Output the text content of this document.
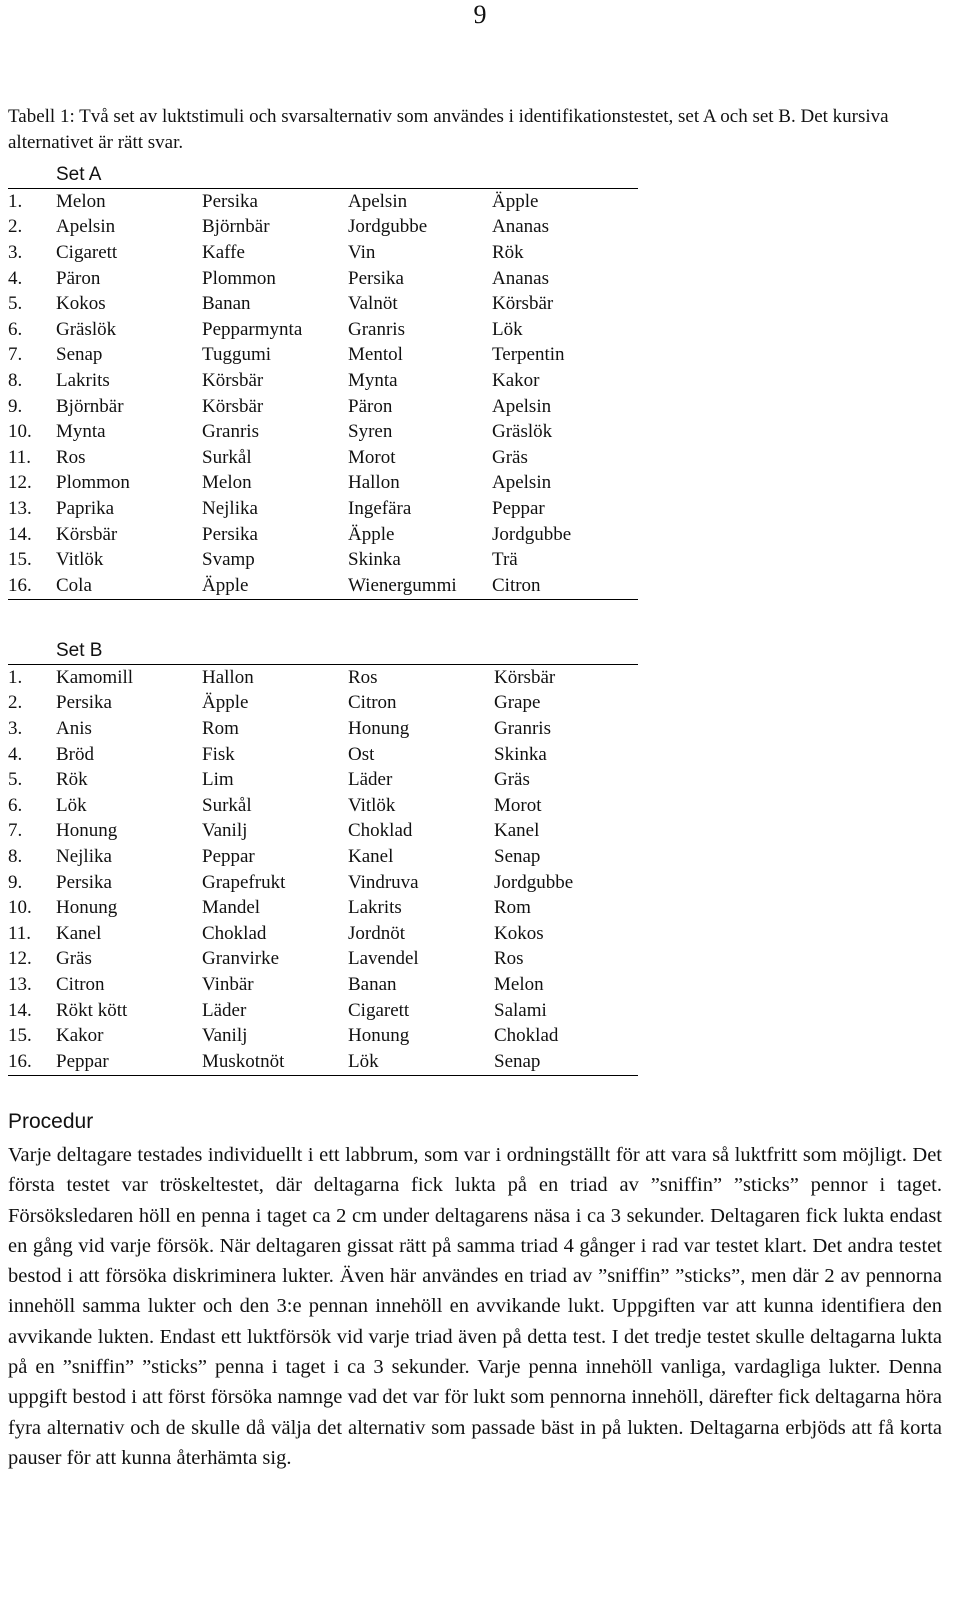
9
Tabell 1: Två set av luktstimuli och svarsalternativ som användes i identifikationstestet, set A och set B. Det kursiva alternativet är rätt svar.
Set A
1.	Melon	Persika	Apelsin	Äpple
2.	Apelsin	Björnbär	Jordgubbe	Ananas
3.	Cigarett	Kaffe	Vin	Rök
4.	Päron	Plommon	Persika	Ananas
5.	Kokos	Banan	Valnöt	Körsbär
6.	Gräslök	Pepparmynta	Granris	Lök
7.	Senap	Tuggumi	Mentol	Terpentin
8.	Lakrits	Körsbär	Mynta	Kakor
9.	Björnbär	Körsbär	Päron	Apelsin
10.	Mynta	Granris	Syren	Gräslök
11.	Ros	Surkål	Morot	Gräs
12.	Plommon	Melon	Hallon	Apelsin
13.	Paprika	Nejlika	Ingefära	Peppar
14.	Körsbär	Persika	Äpple	Jordgubbe
15.	Vitlök	Svamp	Skinka	Trä
16.	Cola	Äpple	Wienergummi	Citron
Set B
1.	Kamomill	Hallon	Ros	Körsbär
2.	Persika	Äpple	Citron	Grape
3.	Anis	Rom	Honung	Granris
4.	Bröd	Fisk	Ost	Skinka
5.	Rök	Lim	Läder	Gräs
6.	Lök	Surkål	Vitlök	Morot
7.	Honung	Vanilj	Choklad	Kanel
8.	Nejlika	Peppar	Kanel	Senap
9.	Persika	Grapefrukt	Vindruva	Jordgubbe
10.	Honung	Mandel	Lakrits	Rom
11.	Kanel	Choklad	Jordnöt	Kokos
12.	Gräs	Granvirke	Lavendel	Ros
13.	Citron	Vinbär	Banan	Melon
14.	Rökt kött	Läder	Cigarett	Salami
15.	Kakor	Vanilj	Honung	Choklad
16.	Peppar	Muskotnöt	Lök	Senap
Procedur
Varje deltagare testades individuellt i ett labbrum, som var i ordningställt för att vara så luktfritt som möjligt. Det första testet var tröskeltestet, där deltagarna fick lukta på en triad av ”sniffin” ”sticks” pennor i taget. Försöksledaren höll en penna i taget ca 2 cm under deltagarens näsa i ca 3 sekunder. Deltagaren fick lukta endast en gång vid varje försök. När deltagaren gissat rätt på samma triad 4 gånger i rad var testet klart. Det andra testet bestod i att försöka diskriminera lukter. Även här användes en triad av ”sniffin” ”sticks”, men där 2 av pennorna innehöll samma lukter och den 3:e pennan innehöll en avvikande lukt. Uppgiften var att kunna identifiera den avvikande lukten. Endast ett luktförsök vid varje triad även på detta test. I det tredje testet skulle deltagarna lukta på en ”sniffin” ”sticks” penna i taget i ca 3 sekunder. Varje penna innehöll vanliga, vardagliga lukter. Denna uppgift bestod i att först försöka namnge vad det var för lukt som pennorna innehöll, därefter fick deltagarna höra fyra alternativ och de skulle då välja det alternativ som passade bäst in på lukten. Deltagarna erbjöds att få korta pauser för att kunna återhämta sig.
